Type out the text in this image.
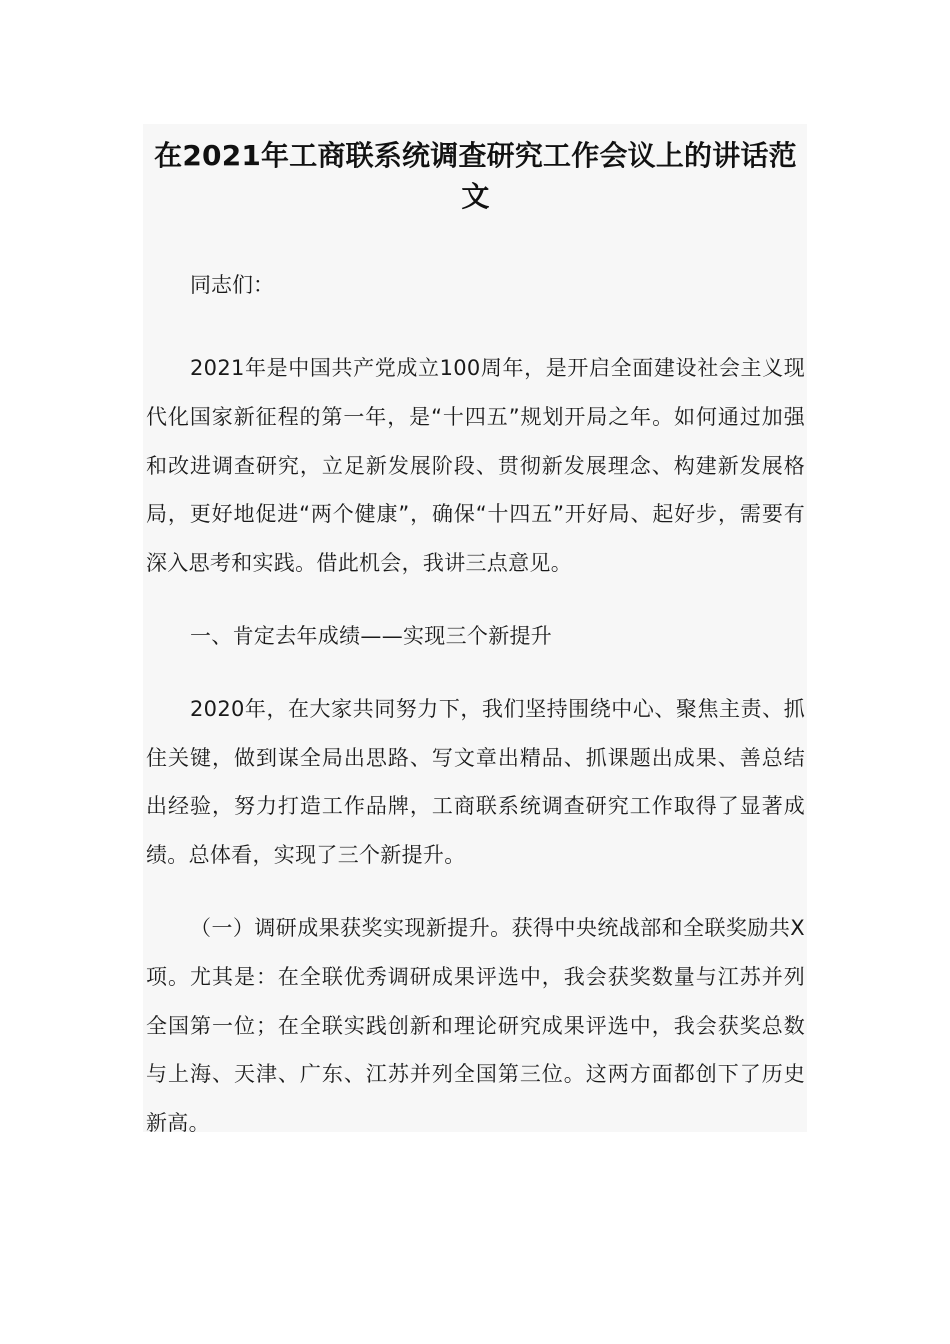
在2021年工商联系统调查研究工作会议上的讲话范文

同志们：

2021年是中国共产党成立100周年，是开启全面建设社会主义现代化国家新征程的第一年，是“十四五”规划开局之年。如何通过加强和改进调查研究，立足新发展阶段、贯彻新发展理念、构建新发展格局，更好地促进“两个健康”，确保“十四五”开好局、起好步，需要有深入思考和实践。借此机会，我讲三点意见。

一、肯定去年成绩——实现三个新提升

2020年，在大家共同努力下，我们坚持围绕中心、聚焦主责、抓住关键，做到谋全局出思路、写文章出精品、抓课题出成果、善总结出经验，努力打造工作品牌，工商联系统调查研究工作取得了显著成绩。总体看，实现了三个新提升。

（一）调研成果获奖实现新提升。获得中央统战部和全联奖励共X项。尤其是：在全联优秀调研成果评选中，我会获奖数量与江苏并列全国第一位；在全联实践创新和理论研究成果评选中，我会获奖总数与上海、天津、广东、江苏并列全国第三位。这两方面都创下了历史新高。
